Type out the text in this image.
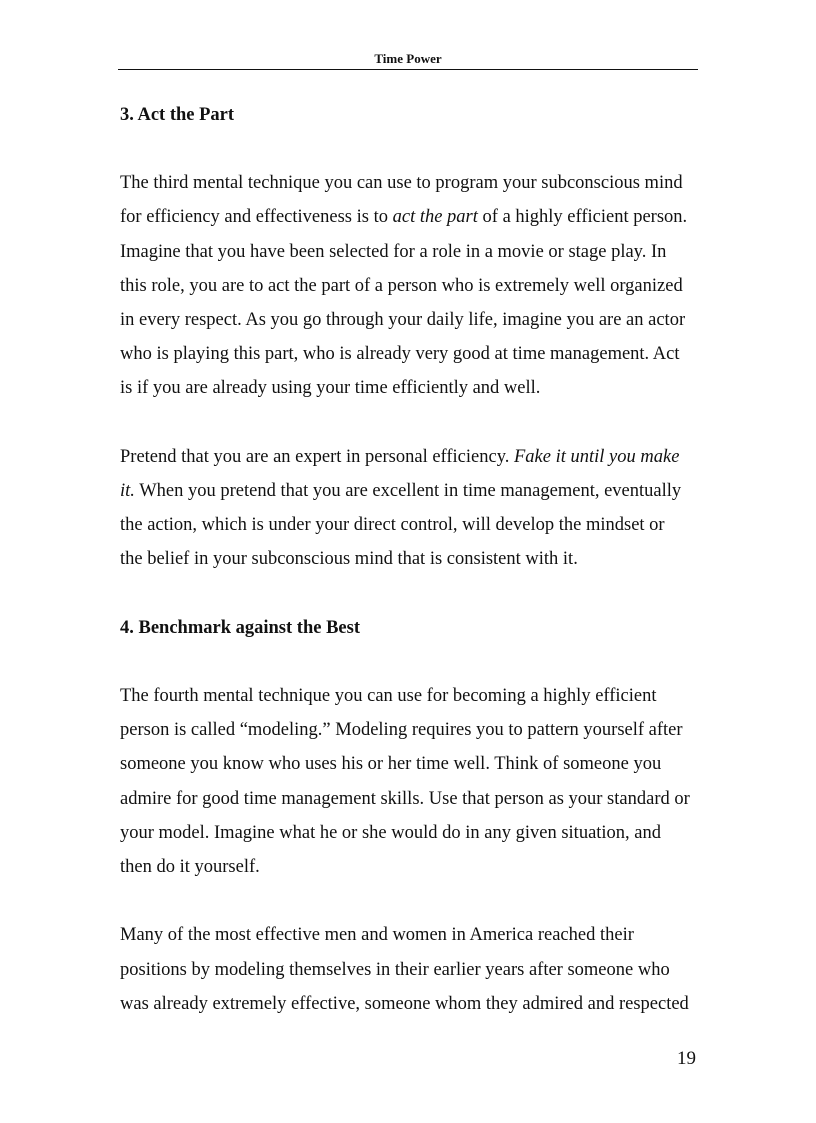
Time Power
3. Act the Part

The third mental technique you can use to program your subconscious mind
for efficiency and effectiveness is to act the part of a highly efficient person.
Imagine that you have been selected for a role in a movie or stage play. In
this role, you are to act the part of a person who is extremely well organized
in every respect. As you go through your daily life, imagine you are an actor
who is playing this part, who is already very good at time management. Act
is if you are already using your time efficiently and well.

Pretend that you are an expert in personal efficiency. Fake it until you make
it. When you pretend that you are excellent in time management, eventually
the action, which is under your direct control, will develop the mindset or
the belief in your subconscious mind that is consistent with it.

4. Benchmark against the Best

The fourth mental technique you can use for becoming a highly efficient
person is called “modeling.” Modeling requires you to pattern yourself after
someone you know who uses his or her time well. Think of someone you
admire for good time management skills. Use that person as your standard or
your model. Imagine what he or she would do in any given situation, and
then do it yourself.

Many of the most effective men and women in America reached their
positions by modeling themselves in their earlier years after someone who
was already extremely effective, someone whom they admired and respected

19
